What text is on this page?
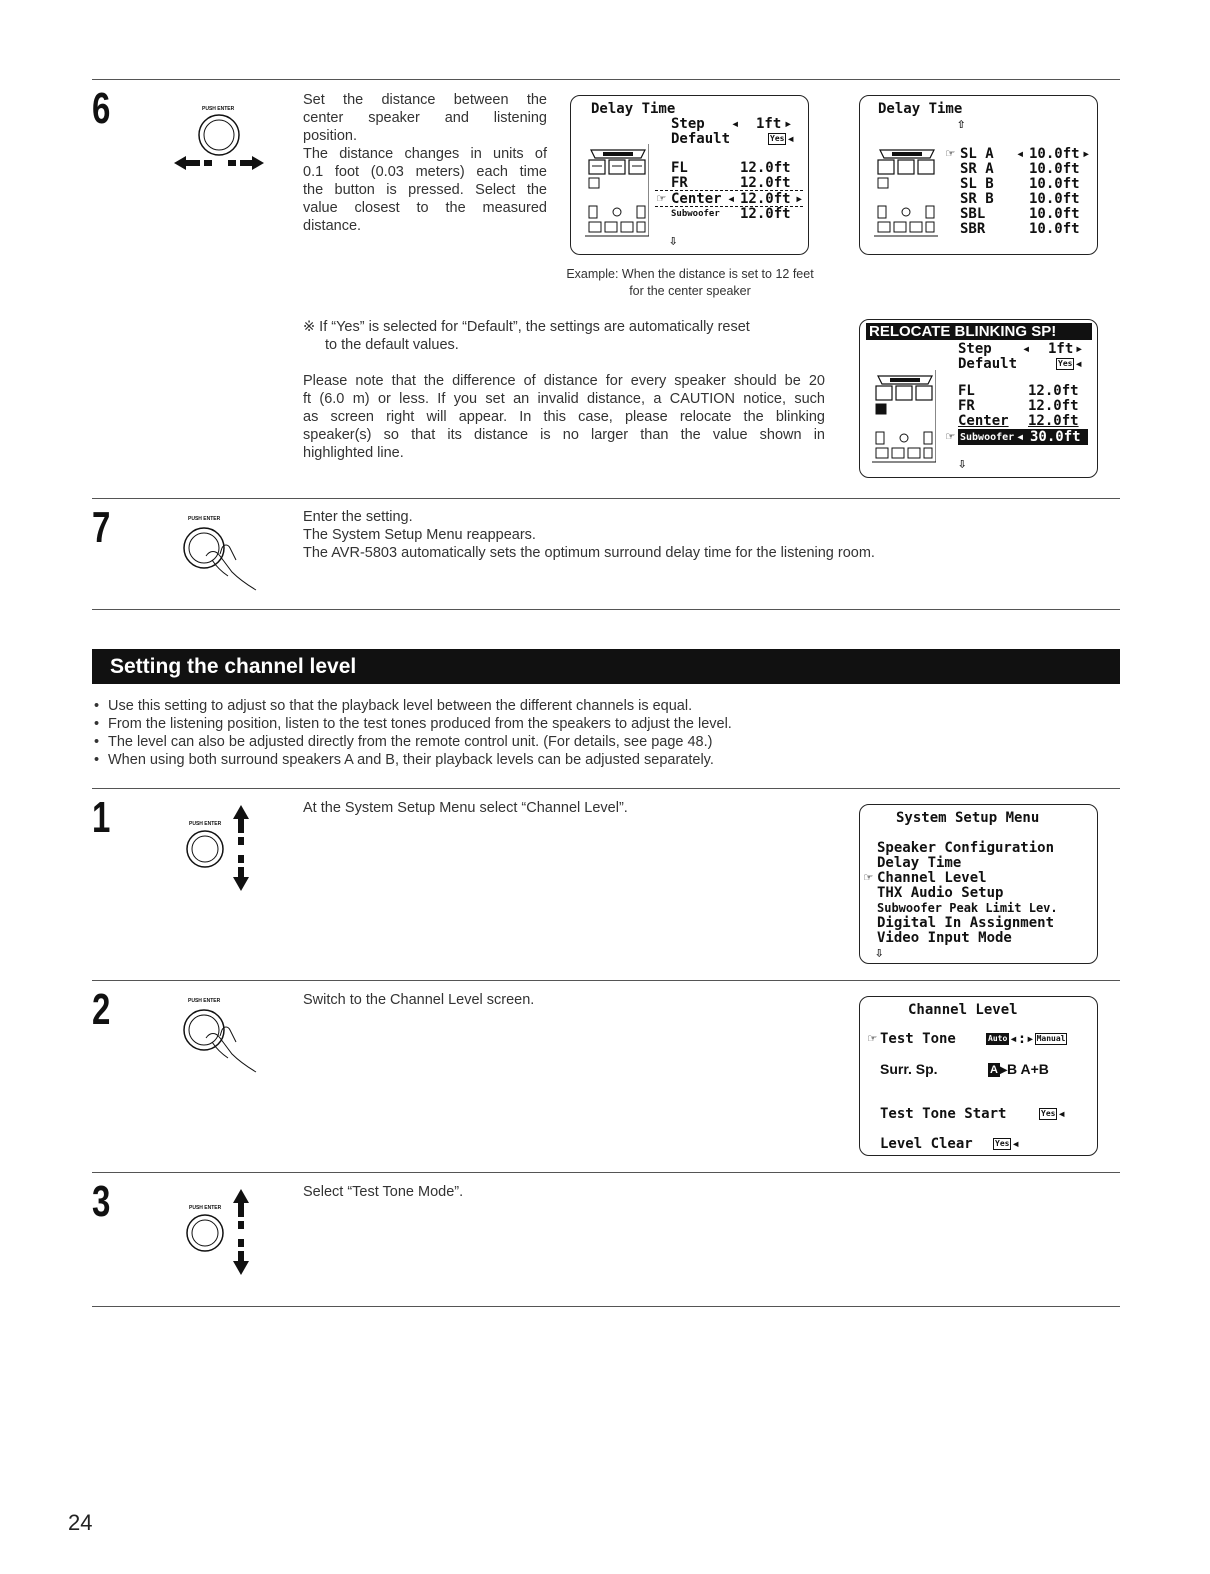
6	PUSH ENTER

Set the distance between the

center speaker and listening

position.

The distance changes in units of

0.1 foot (0.03 meters) each time

the button is pressed. Select the

value closest to the measured

distance.

Delay Time
Step ◂ 1ft ▸
Default	Yes ◂
FL	12.0ft
FR	12.0ft
☞ Center ◂ 12.0ft ▸
Subwoofer 12.0ft
⇩
Delay Time
⇧
☞ SL A ◂ 10.0ft ▸
SR A	10.0ft
SL B	10.0ft
SR B	10.0ft
SBL	10.0ft
SBR	10.0ft
Example: When the distance is set to 12 feet
for the center speaker

※ If “Yes” is selected for “Default”, the settings are automatically reset

to the default values.

Please note that the difference of distance for every speaker should be 20

ft (6.0 m) or less. If you set an invalid distance, a CAUTION notice, such

as screen right will appear. In this case, please relocate the blinking

speaker(s) so that its distance is no larger than the value shown in

highlighted line.

RELOCATE BLINKING SP!
Step ◂ 1ft ▸
Default	Yes ◂
FL	12.0ft
FR	12.0ft
Center 12.0ft
☞ Subwoofer ◂ 30.0ft
⇩
7	PUSH ENTER	Enter the setting.

The System Setup Menu reappears.

The AVR-5803 automatically sets the optimum surround delay time for the listening room.

Setting the channel level
• Use this setting to adjust so that the playback level between the different channels is equal.
• From the listening position, listen to the test tones produced from the speakers to adjust the level.
• The level can also be adjusted directly from the remote control unit. (For details, see page 48.)
• When using both surround speakers A and B, their playback levels can be adjusted separately.
1	PUSH ENTER
At the System Setup Menu select “Channel Level”.
System Setup Menu
Speaker Configuration
Delay Time
☞ Channel Level
THX Audio Setup
Subwoofer Peak Limit Lev.
Digital In Assignment
Video Input Mode
⇩
2	PUSH ENTER	Switch to the Channel Level screen.
Channel Level
☞ Test Tone	Auto ◂:▸ Manual
Surr. Sp.	A ▸B A+B
Test Tone Start	Yes ◂
Level Clear	Yes ◂
3	PUSH ENTER
Select “Test Tone Mode”.
24
